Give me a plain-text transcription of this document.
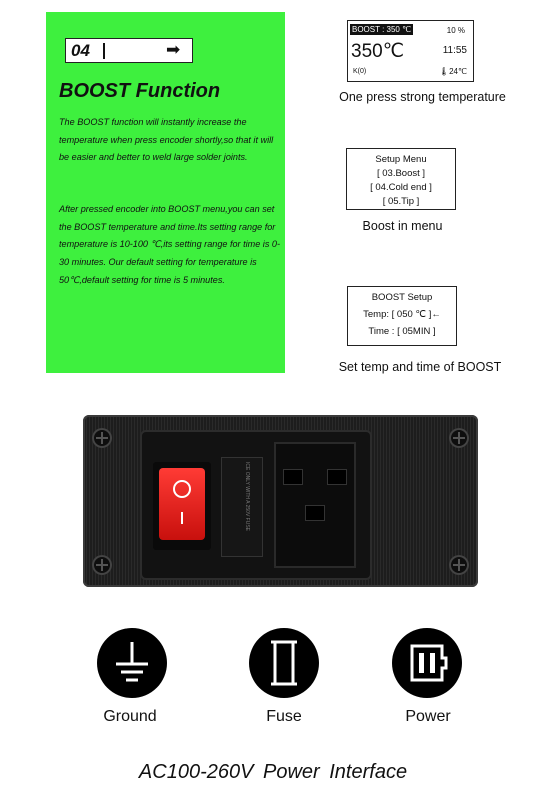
04	➡
BOOST Function
The BOOST function will instantly increase the temperature when press encoder shortly,so that it will be easier and better to weld large solder joints.
After pressed encoder into BOOST menu,you can set the BOOST temperature and time.Its setting range for temperature is 10-100 ℃,its setting range for time is 0-30 minutes. Our default setting for temperature is 50℃,default setting for time is 5 minutes.
BOOST : 350 ℃	10 %
350℃	11:55
K(0)	🌡24℃
One press strong temperature
Setup Menu
[ 03.Boost ]
[ 04.Cold end ]
[ 05.Tip ]
Boost in menu
BOOST Setup
Temp: [ 050 ℃ ]←
Time : [ 05MIN ]
Set temp and time of BOOST
ICE ONLY WITH A 250V FUSE
Ground	Fuse	Power
AC100-260V Power Interface
